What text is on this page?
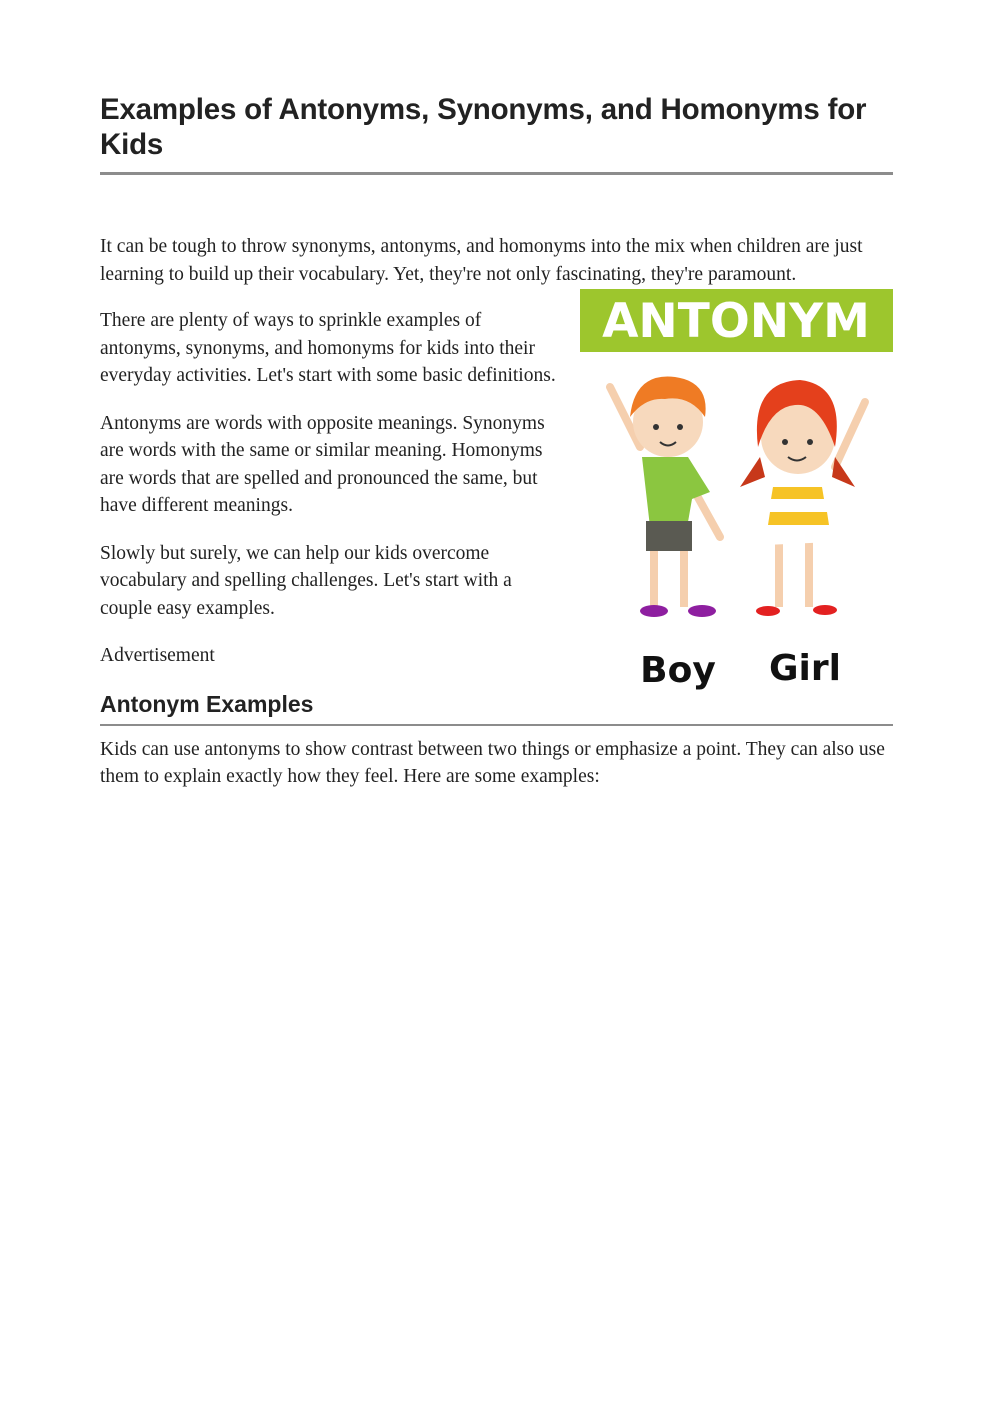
Examples of Antonyms, Synonyms, and Homonyms for Kids

It can be tough to throw synonyms, antonyms, and homonyms into the mix when children are just learning to build up their vocabulary. Yet, they're not only fascinating, they're paramount.

There are plenty of ways to sprinkle examples of antonyms, synonyms, and homonyms for kids into their everyday activities. Let's start with some basic definitions.

Antonyms are words with opposite meanings. Synonyms are words with the same or similar meaning. Homonyms are words that are spelled and pronounced the same, but have different meanings.

Slowly but surely, we can help our kids overcome vocabulary and spelling challenges. Let's start with a couple easy examples.

Advertisement

ANTONYM
Boy Girl
Antonym Examples

Kids can use antonyms to show contrast between two things or emphasize a point. They can also use them to explain exactly how they feel. Here are some examples:
